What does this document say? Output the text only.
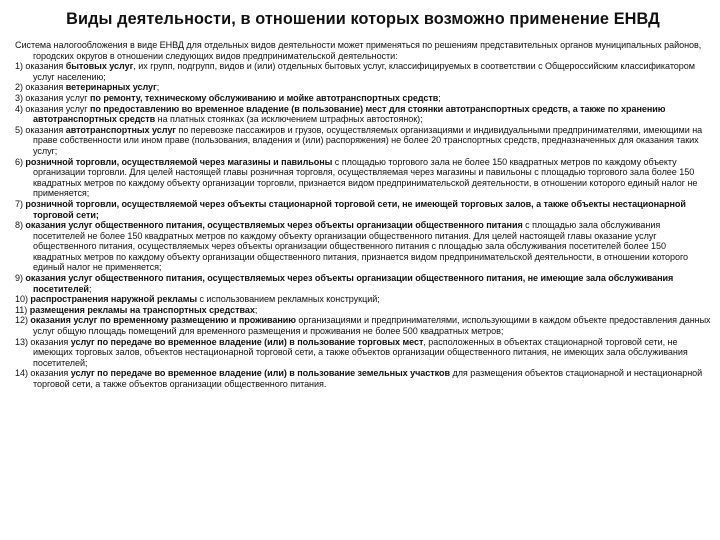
Виды деятельности, в отношении которых возможно применение ЕНВД

Система налогообложения в виде ЕНВД для отдельных видов деятельности может применяться по решениям представительных органов муниципальных районов, городских округов в отношении следующих видов предпринимательской деятельности:

1) оказания бытовых услуг, их групп, подгрупп, видов и (или) отдельных бытовых услуг, классифицируемых в соответствии с Общероссийским классификатором услуг населению;

2) оказания ветеринарных услуг;

3) оказания услуг по ремонту, техническому обслуживанию и мойке автотранспортных средств;

4) оказания услуг по предоставлению во временное владение (в пользование) мест для стоянки автотранспортных средств, а также по хранению автотранспортных средств на платных стоянках (за исключением штрафных автостоянок);

5) оказания автотранспортных услуг по перевозке пассажиров и грузов, осуществляемых организациями и индивидуальными предпринимателями, имеющими на праве собственности или ином праве (пользования, владения и (или) распоряжения) не более 20 транспортных средств, предназначенных для оказания таких услуг;

6) розничной торговли, осуществляемой через магазины и павильоны с площадью торгового зала не более 150 квадратных метров по каждому объекту организации торговли. Для целей настоящей главы розничная торговля, осуществляемая через магазины и павильоны с площадью торгового зала более 150 квадратных метров по каждому объекту организации торговли, признается видом предпринимательской деятельности, в отношении которого единый налог не применяется;

7) розничной торговли, осуществляемой через объекты стационарной торговой сети, не имеющей торговых залов, а также объекты нестационарной торговой сети;

8) оказания услуг общественного питания, осуществляемых через объекты организации общественного питания с площадью зала обслуживания посетителей не более 150 квадратных метров по каждому объекту организации общественного питания. Для целей настоящей главы оказание услуг общественного питания, осуществляемых через объекты организации общественного питания с площадью зала обслуживания посетителей более 150 квадратных метров по каждому объекту организации общественного питания, признается видом предпринимательской деятельности, в отношении которого единый налог не применяется;

9) оказания услуг общественного питания, осуществляемых через объекты организации общественного питания, не имеющие зала обслуживания посетителей;

10) распространения наружной рекламы с использованием рекламных конструкций;

11) размещения рекламы на транспортных средствах;

12) оказания услуг по временному размещению и проживанию организациями и предпринимателями, использующими в каждом объекте предоставления данных услуг общую площадь помещений для временного размещения и проживания не более 500 квадратных метров;

13) оказания услуг по передаче во временное владение (или) в пользование торговых мест, расположенных в объектах стационарной торговой сети, не имеющих торговых залов, объектов нестационарной торговой сети, а также объектов организации общественного питания, не имеющих зала обслуживания посетителей;

14) оказания услуг по передаче во временное владение (или) в пользование земельных участков для размещения объектов стационарной и нестационарной торговой сети, а также объектов организации общественного питания.
